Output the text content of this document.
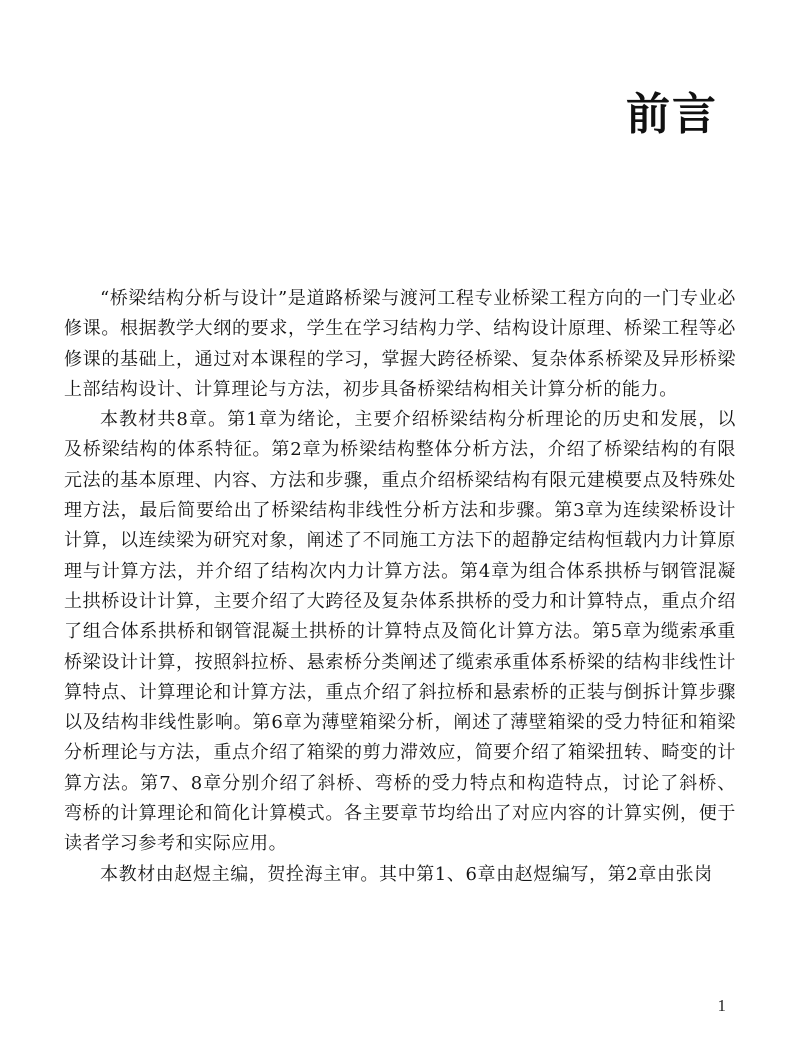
前言

“桥梁结构分析与设计”是道路桥梁与渡河工程专业桥梁工程方向的一门专业必修课。根据教学大纲的要求，学生在学习结构力学、结构设计原理、桥梁工程等必修课的基础上，通过对本课程的学习，掌握大跨径桥梁、复杂体系桥梁及异形桥梁上部结构设计、计算理论与方法，初步具备桥梁结构相关计算分析的能力。

本教材共8章。第1章为绪论，主要介绍桥梁结构分析理论的历史和发展，以及桥梁结构的体系特征。第2章为桥梁结构整体分析方法，介绍了桥梁结构的有限元法的基本原理、内容、方法和步骤，重点介绍桥梁结构有限元建模要点及特殊处理方法，最后简要给出了桥梁结构非线性分析方法和步骤。第3章为连续梁桥设计计算，以连续梁为研究对象，阐述了不同施工方法下的超静定结构恒载内力计算原理与计算方法，并介绍了结构次内力计算方法。第4章为组合体系拱桥与钢管混凝土拱桥设计计算，主要介绍了大跨径及复杂体系拱桥的受力和计算特点，重点介绍了组合体系拱桥和钢管混凝土拱桥的计算特点及简化计算方法。第5章为缆索承重桥梁设计计算，按照斜拉桥、悬索桥分类阐述了缆索承重体系桥梁的结构非线性计算特点、计算理论和计算方法，重点介绍了斜拉桥和悬索桥的正装与倒拆计算步骤以及结构非线性影响。第6章为薄壁箱梁分析，阐述了薄壁箱梁的受力特征和箱梁分析理论与方法，重点介绍了箱梁的剪力滞效应，简要介绍了箱梁扭转、畸变的计算方法。第7、8章分别介绍了斜桥、弯桥的受力特点和构造特点，讨论了斜桥、弯桥的计算理论和简化计算模式。各主要章节均给出了对应内容的计算实例，便于读者学习参考和实际应用。

本教材由赵煜主编，贺拴海主审。其中第1、6章由赵煜编写，第2章由张岗

1
